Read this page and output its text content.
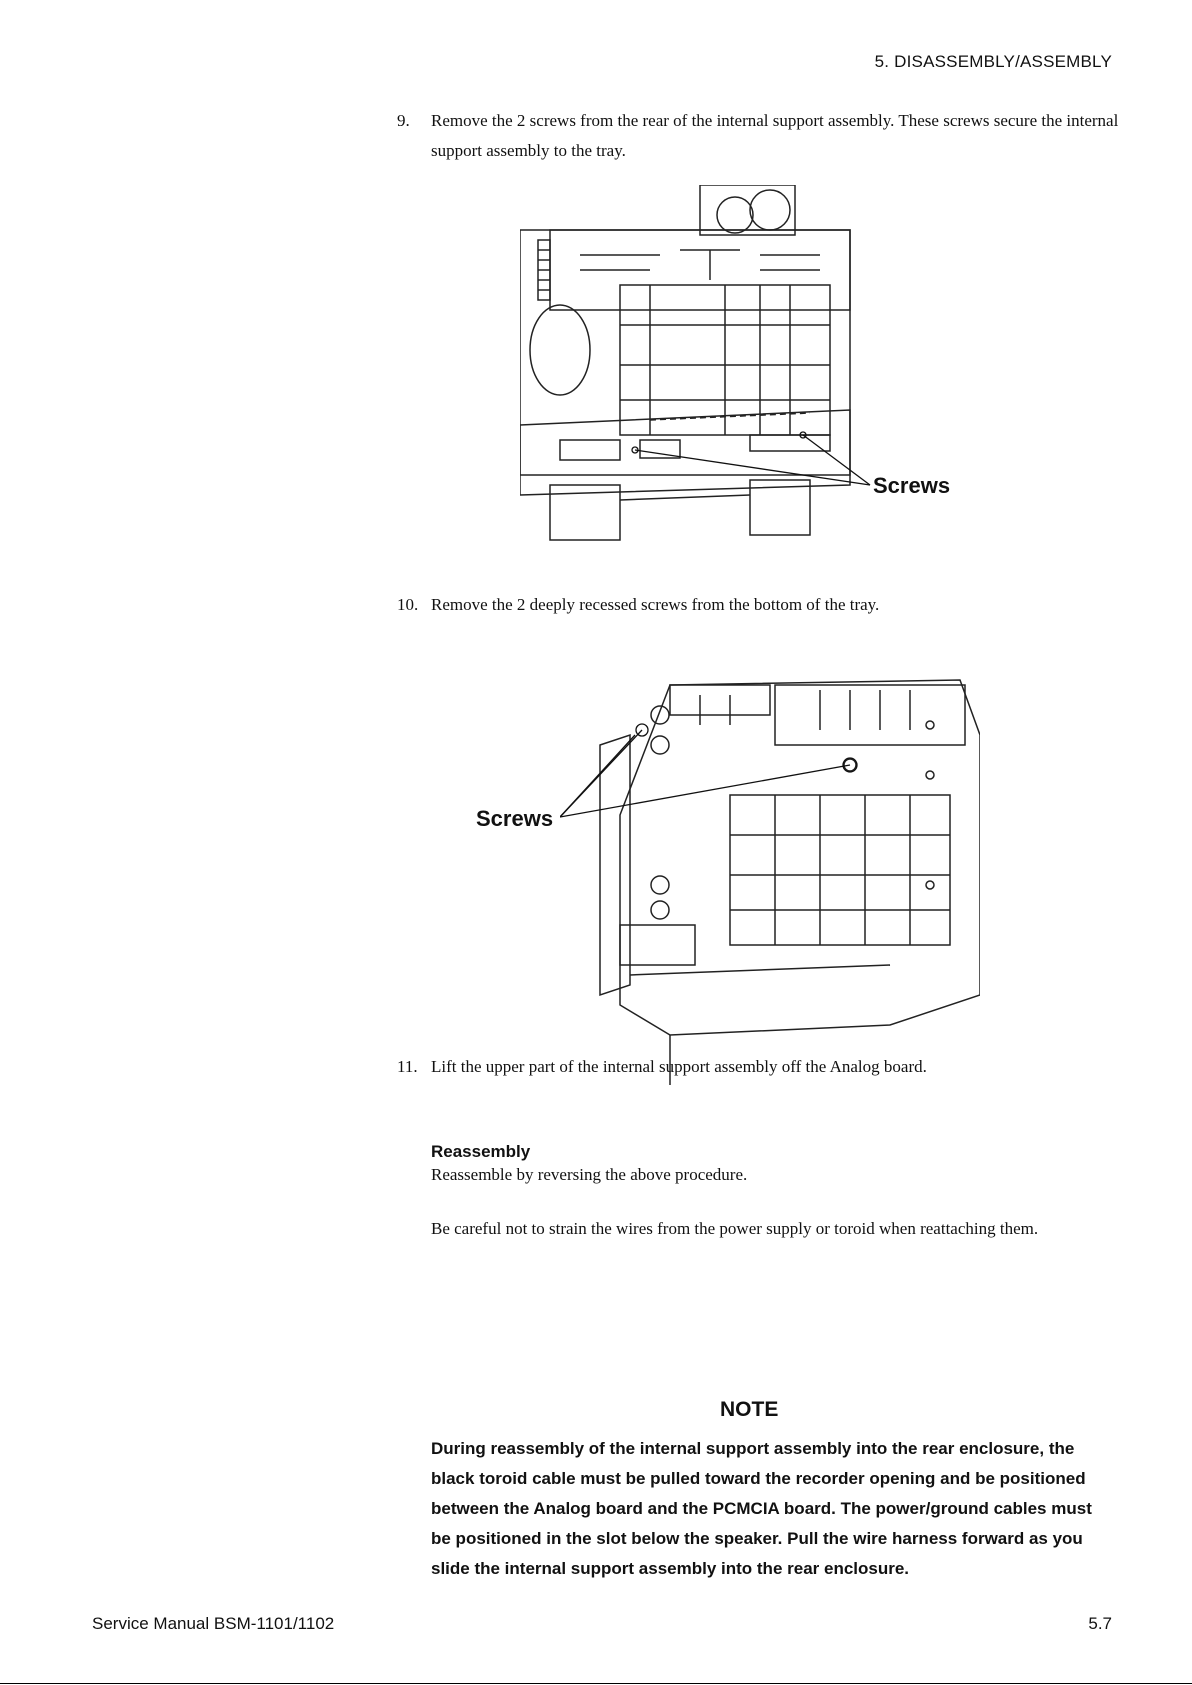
5. DISASSEMBLY/ASSEMBLY
9.	Remove the 2 screws from the rear of the internal support assembly. These screws secure the internal support assembly to the tray.
Screws
10. Remove the 2 deeply recessed screws from the bottom of the tray.
Screws
11. Lift the upper part of the internal support assembly off the Analog board.
Reassembly
Reassemble by reversing the above procedure.
Be careful not to strain the wires from the power supply or toroid when reattaching them.
NOTE
During reassembly of the internal support assembly into the rear enclosure, the black toroid cable must be pulled toward the recorder opening and be positioned between the Analog board and the PCMCIA board. The power/ground cables must be positioned in the slot below the speaker. Pull the wire harness forward as you slide the internal support assembly into the rear enclosure.
Service Manual BSM-1101/1102	5.7
